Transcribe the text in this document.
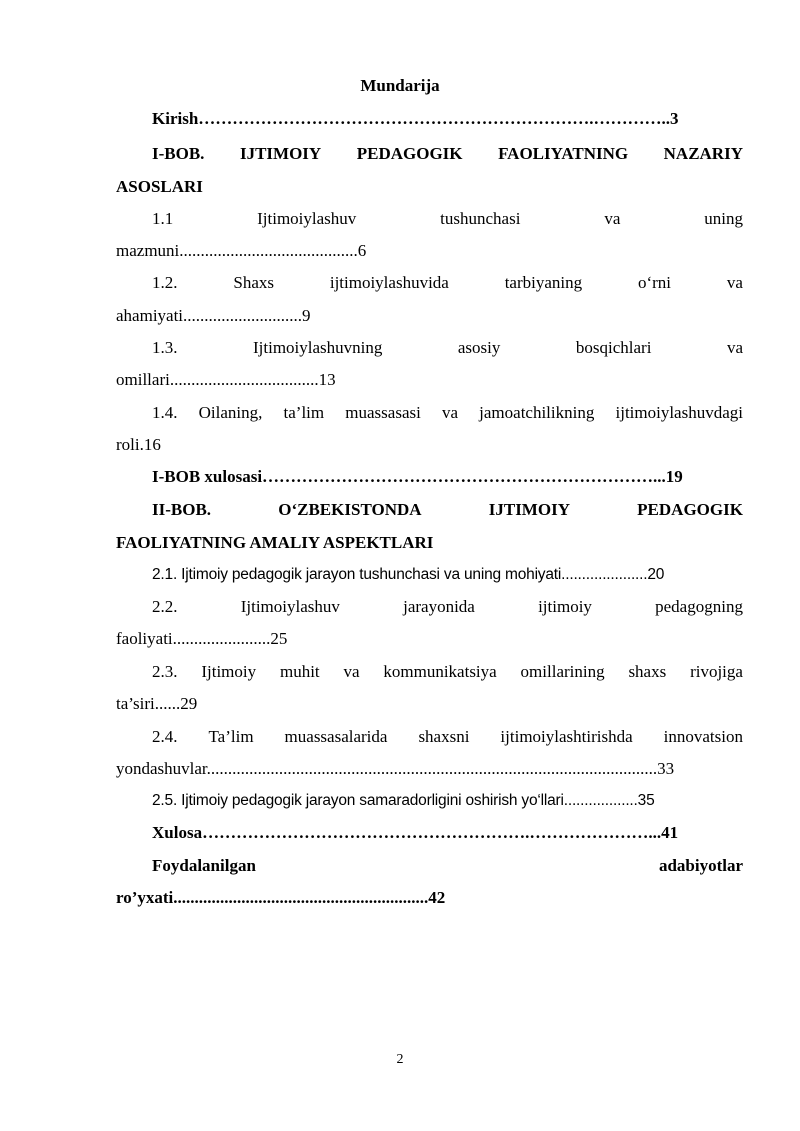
Mundarija
Kirish…………………………………………………………….…………..3
I-BOB. IJTIMOIY PEDAGOGIK FAOLIYATNING NAZARIY
ASOSLARI
1.1	Ijtimoiylashuv	tushunchasi	va	uning
mazmuni..........................................6
1.2.	Shaxs	ijtimoiylashuvida	tarbiyaning	o‘rni	va
ahamiyati............................9
1.3.	Ijtimoiylashuvning	asosiy	bosqichlari	va
omillari...................................13
1.4. Oilaning, ta’lim muassasasi va jamoatchilikning ijtimoiylashuvdagi
roli.16
I-BOB xulosasi……………………………………………………………...19
II-BOB.	O‘ZBEKISTONDA	IJTIMOIY	PEDAGOGIK
FAOLIYATNING AMALIY ASPEKTLARI
2.1. Ijtimoiy pedagogik jarayon tushunchasi va uning mohiyati.....................20
2.2.	Ijtimoiylashuv	jarayonida	ijtimoiy	pedagogning
faoliyati.......................25
2.3. Ijtimoiy muhit va kommunikatsiya omillarining shaxs rivojiga
ta’siri......29
2.4. Ta’lim muassasalarida shaxsni ijtimoiylashtirishda innovatsion
yondashuvlar..........................................................................................................33
2.5. Ijtimoiy pedagogik jarayon samaradorligini oshirish yo‘llari..................35
Xulosa………………………………………………….…………………...41
Foydalanilgan	adabiyotlar
ro’yxati............................................................42
2
